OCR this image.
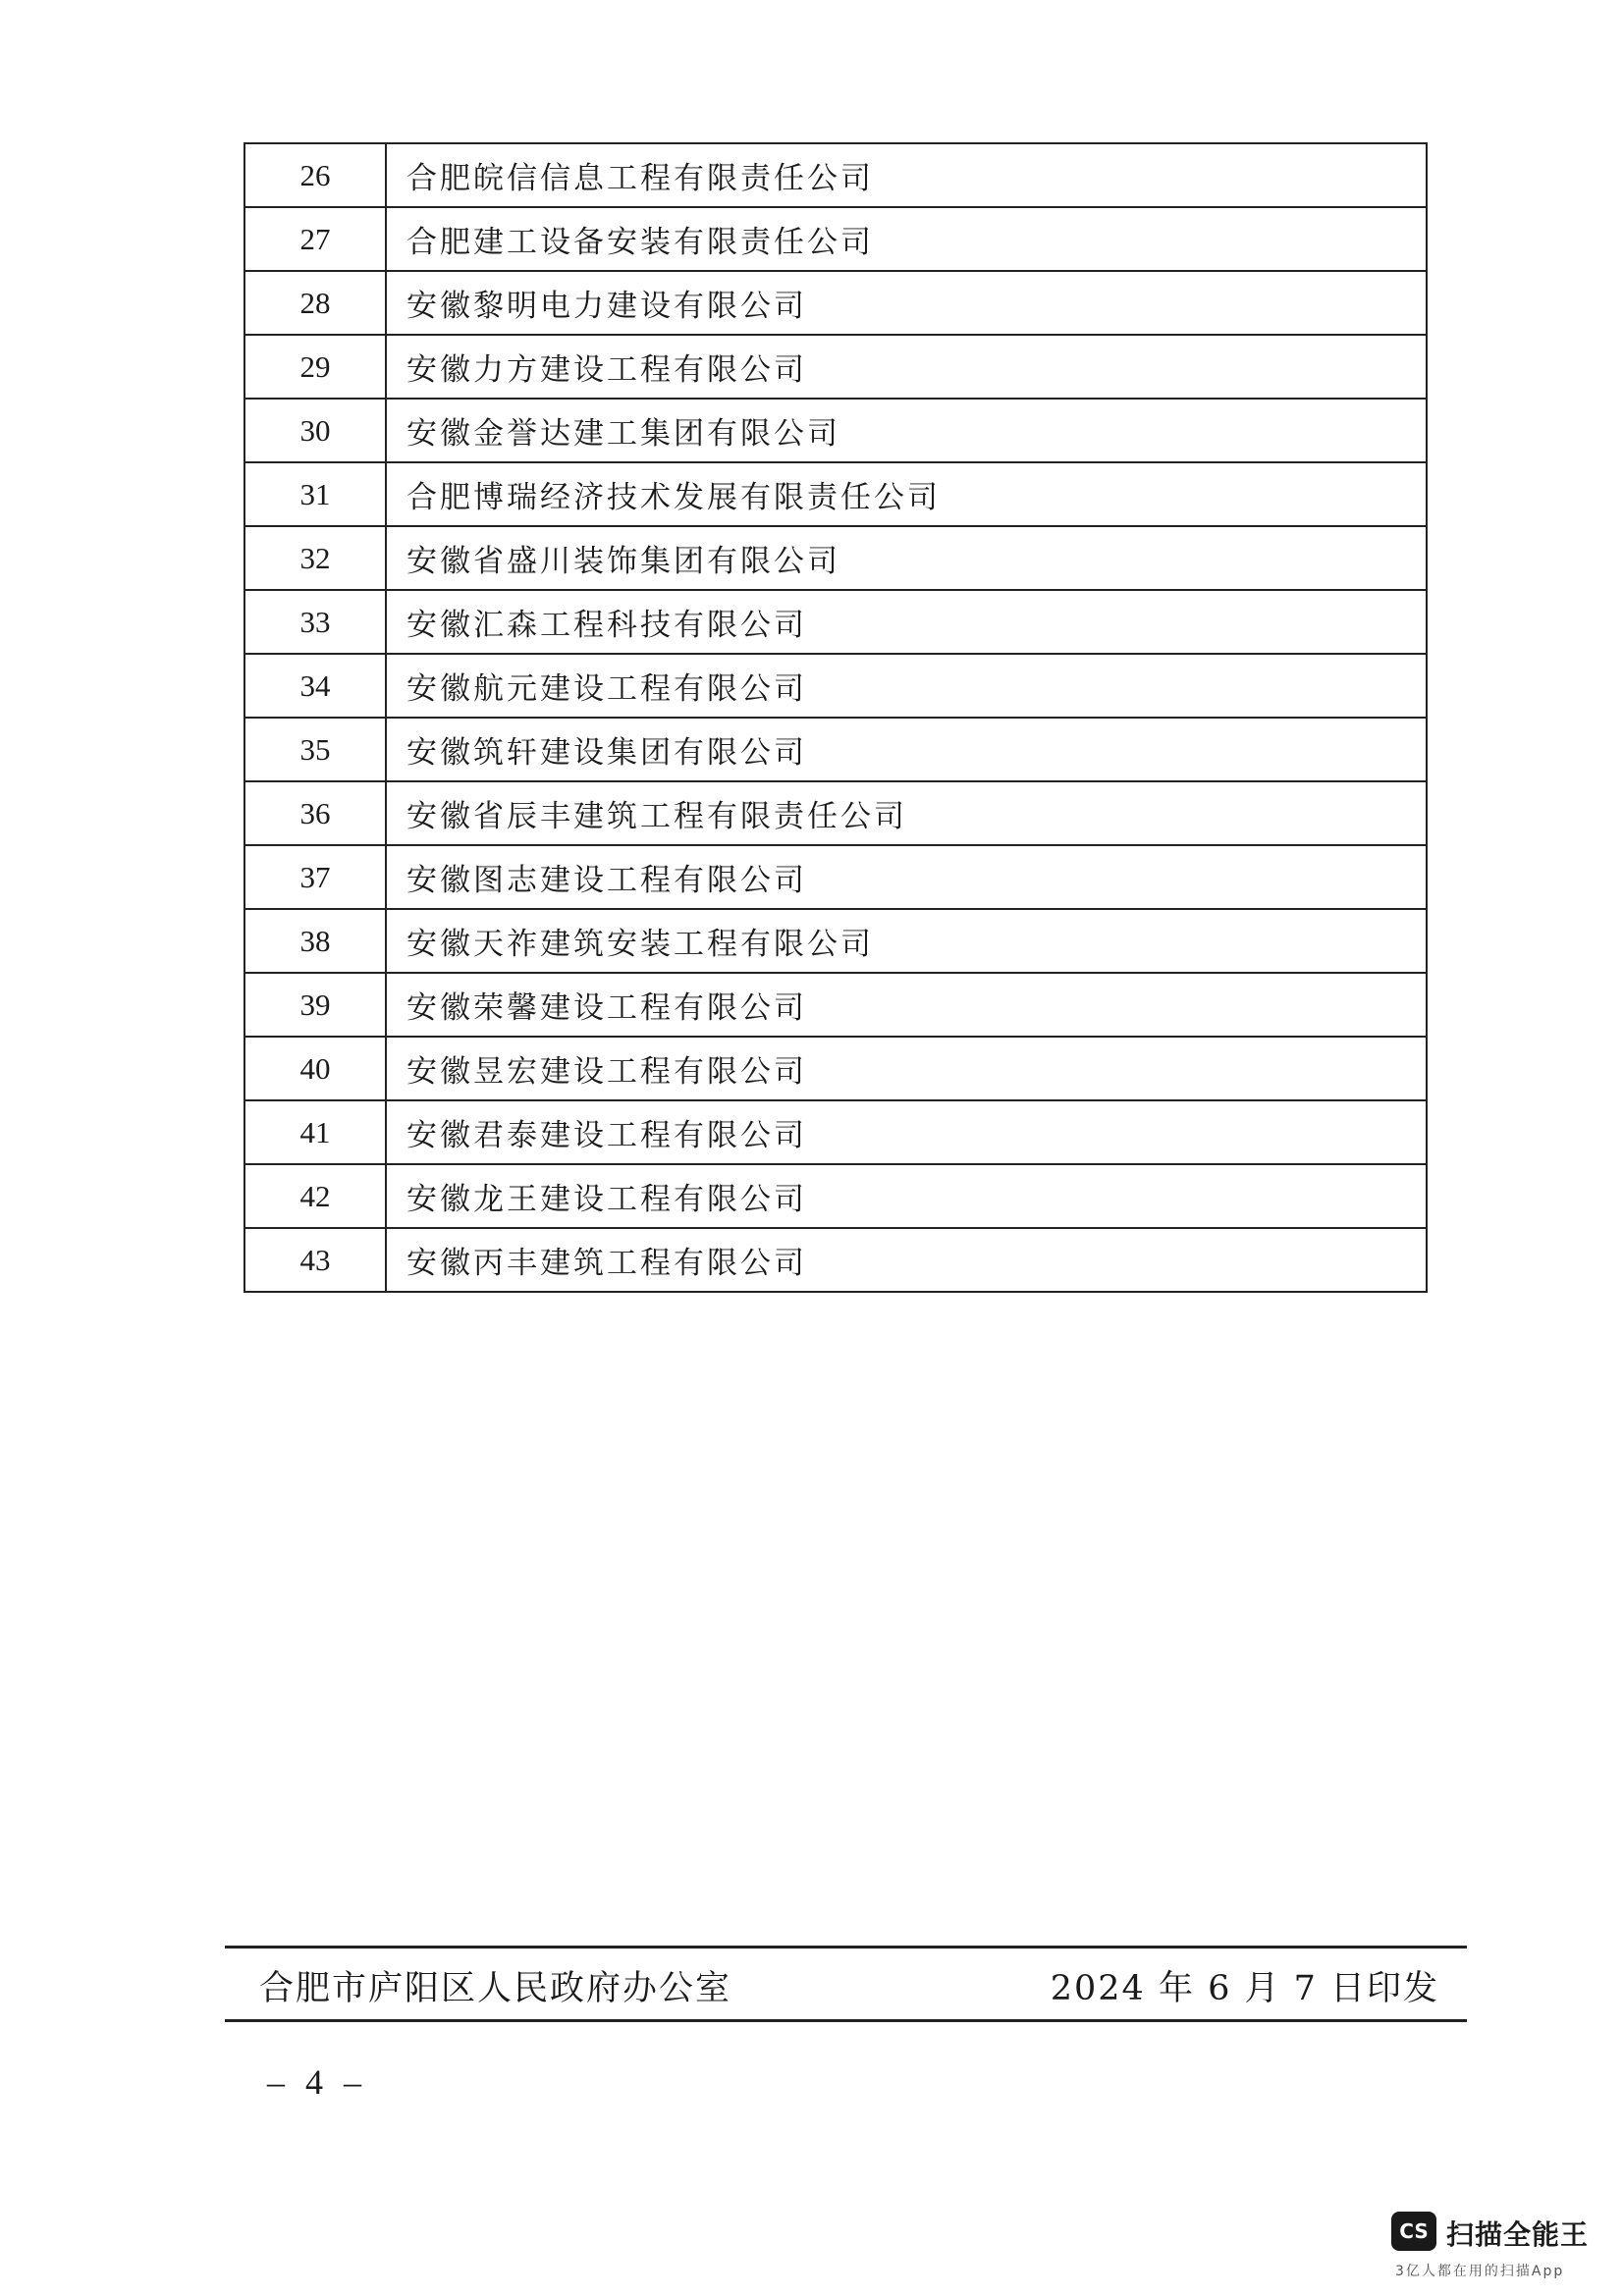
26	合肥皖信信息工程有限责任公司
27	合肥建工设备安装有限责任公司
28	安徽黎明电力建设有限公司
29	安徽力方建设工程有限公司
30	安徽金誉达建工集团有限公司
31	合肥博瑞经济技术发展有限责任公司
32	安徽省盛川装饰集团有限公司
33	安徽汇森工程科技有限公司
34	安徽航元建设工程有限公司
35	安徽筑轩建设集团有限公司
36	安徽省辰丰建筑工程有限责任公司
37	安徽图志建设工程有限公司
38	安徽天祚建筑安装工程有限公司
39	安徽荣馨建设工程有限公司
40	安徽昱宏建设工程有限公司
41	安徽君泰建设工程有限公司
42	安徽龙王建设工程有限公司
43	安徽丙丰建筑工程有限公司
合肥市庐阳区人民政府办公室	2024 年 6 月 7 日印发
– 4 –
CS 扫描全能王
3亿人都在用的扫描App
